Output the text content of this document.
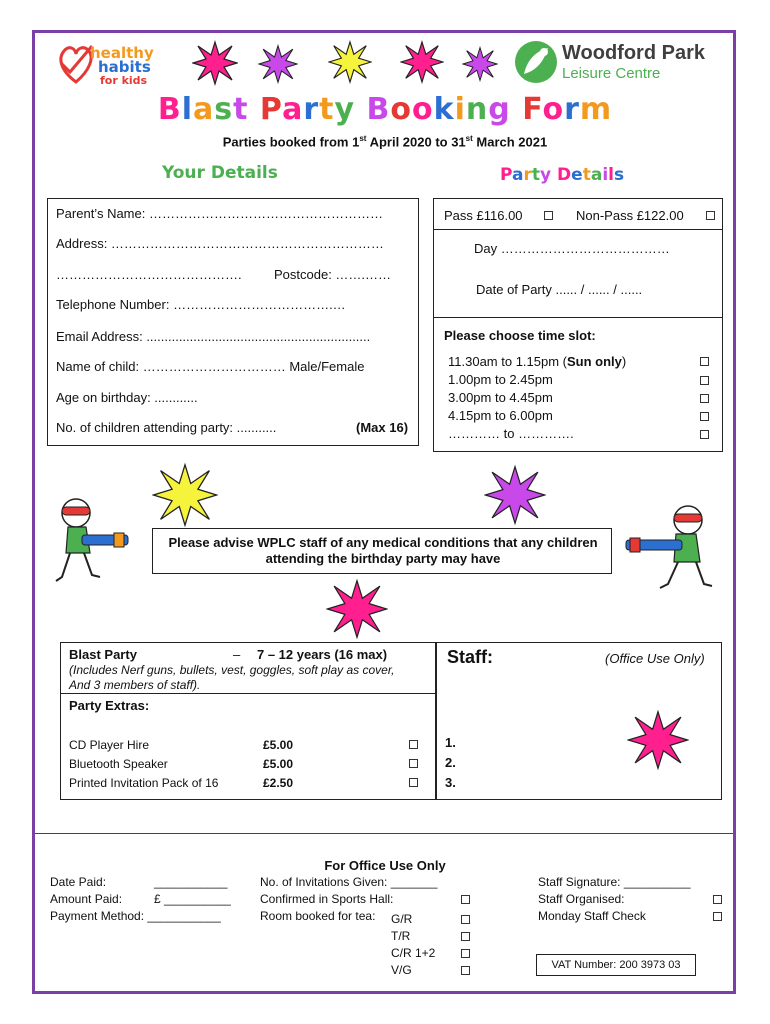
healthy
habits
for kids
Woodford Park
Leisure Centre
Blast Party Booking Form
Parties booked from 1st April 2020 to 31st March 2021
Your Details	Party Details
Parent’s Name: ………………………………………………
Address: ………………………………………………………
……………………………………. Postcode: …….……
Telephone Number: ……………………………….…
Email Address: ..............................................................
Name of child: …………………………… Male/Female
Age on birthday: ............
No. of children attending party: ...........	(Max 16)
Pass £116.00	Non-Pass £122.00
Day …………………………………
Date of Party ...... / ...... / ......
Please choose time slot:
11.30am to 1.15pm (Sun only)
1.00pm to 2.45pm
3.00pm to 4.45pm
4.15pm to 6.00pm
………… to ………….
Please advise WPLC staff of any medical conditions that any children attending the birthday party may have
Blast Party	– 7 – 12 years (16 max)
(Includes Nerf guns, bullets, vest, goggles, soft play as cover,
And 3 members of staff).
Party Extras:
CD Player Hire	£5.00
Bluetooth Speaker	£5.00
Printed Invitation Pack of 16	£2.50
Staff:	(Office Use Only)
1.
2.
3.
For Office Use Only
Date Paid:	___________
Amount Paid:	£ __________
Payment Method: ___________
No. of Invitations Given: _______
Confirmed in Sports Hall:
Room booked for tea: G/R
T/R
C/R 1+2
V/G
Staff Signature: __________
Staff Organised:
Monday Staff Check
VAT Number: 200 3973 03
